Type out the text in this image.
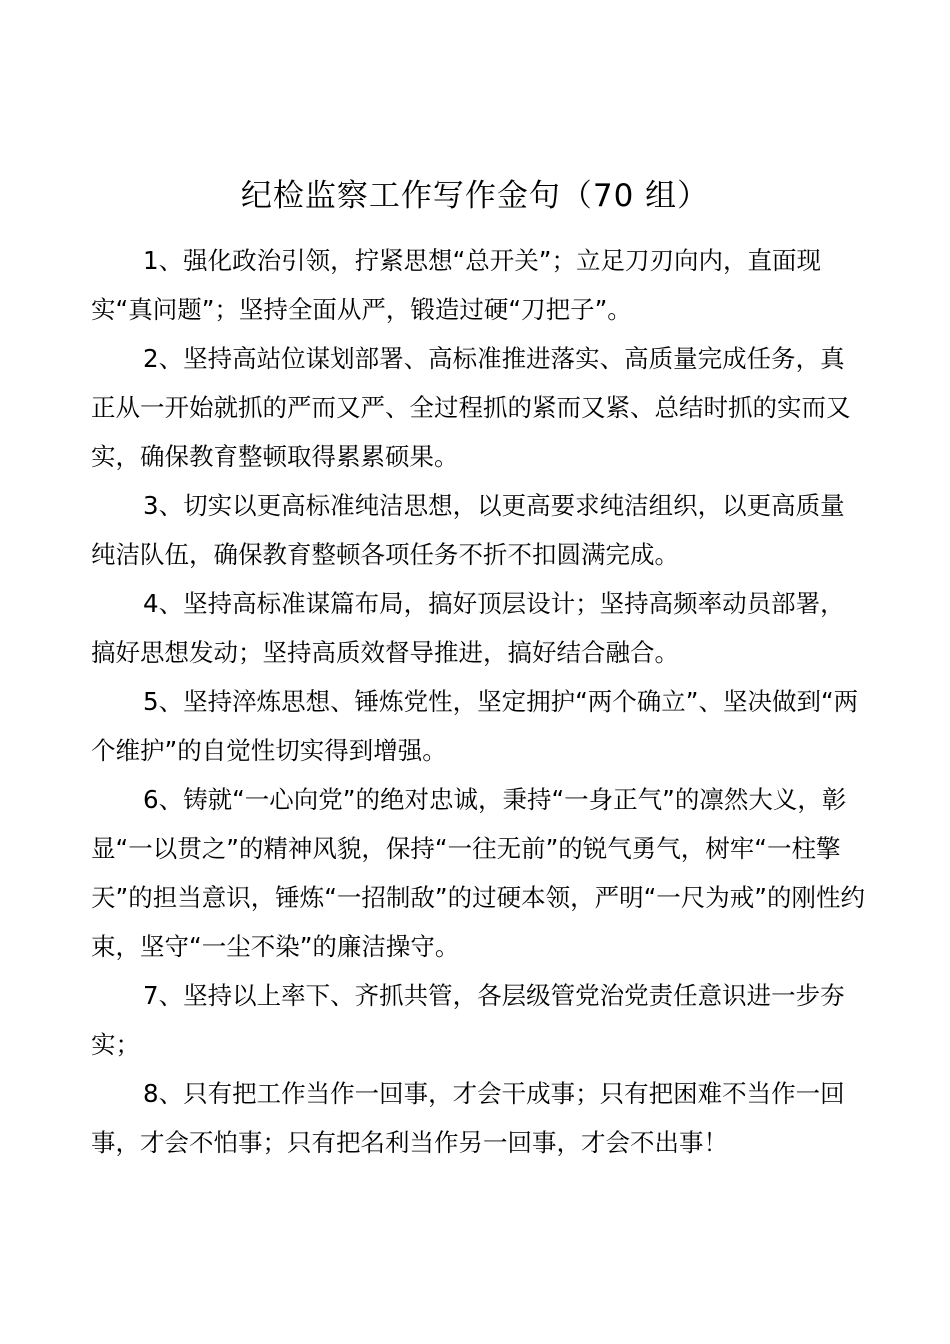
纪检监察工作写作金句（70 组）

1、强化政治引领，拧紧思想“总开关”；立足刀刃向内，直面现实“真问题”；坚持全面从严，锻造过硬“刀把子”。

2、坚持高站位谋划部署、高标准推进落实、高质量完成任务，真正从一开始就抓的严而又严、全过程抓的紧而又紧、总结时抓的实而又实，确保教育整顿取得累累硕果。

3、切实以更高标准纯洁思想，以更高要求纯洁组织，以更高质量纯洁队伍，确保教育整顿各项任务不折不扣圆满完成。

4、坚持高标准谋篇布局，搞好顶层设计；坚持高频率动员部署，搞好思想发动；坚持高质效督导推进，搞好结合融合。

5、坚持淬炼思想、锤炼党性，坚定拥护“两个确立”、坚决做到“两个维护”的自觉性切实得到增强。

6、铸就“一心向党”的绝对忠诚，秉持“一身正气”的凛然大义，彰显“一以贯之”的精神风貌，保持“一往无前”的锐气勇气，树牢“一柱擎天”的担当意识，锤炼“一招制敌”的过硬本领，严明“一尺为戒”的刚性约束，坚守“一尘不染”的廉洁操守。

7、坚持以上率下、齐抓共管，各层级管党治党责任意识进一步夯实；

8、只有把工作当作一回事，才会干成事；只有把困难不当作一回事，才会不怕事；只有把名利当作另一回事，才会不出事！
